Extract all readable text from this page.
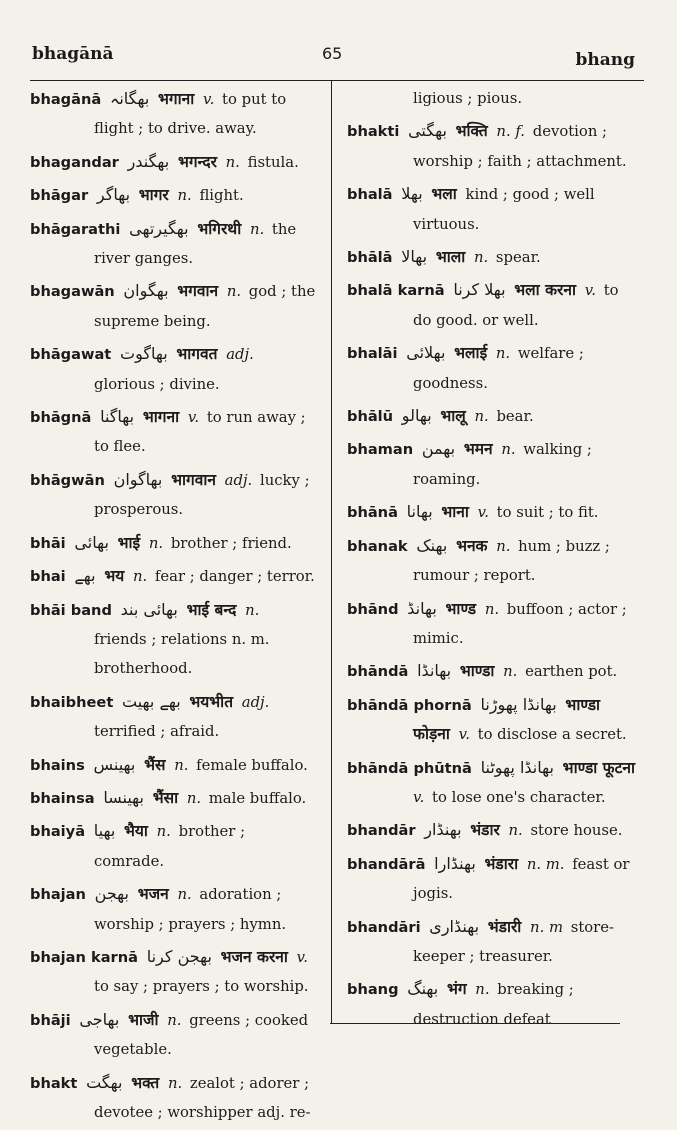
bhagānā	65	bhang

bhagānā بھگانہ भगाना v. to put to flight ; to drive. away.

bhagandar بھگندر भगन्दर n. fistula.

bhāgar بھاگر भागर n. flight.

bhāgarathi بھگیرتھی भगिरथी n. the river ganges.

bhagawān بھگوان भगवान n. god ; the supreme being.

bhāgawat بھاگوت भागवत adj. glorious ; divine.

bhāgnā بھاگنا भागना v. to run away ; to flee.

bhāgwān بھاگوان भागवान adj. lucky ; prosperous.

bhāi بھائی भाई n. brother ; friend.

bhai بھے भय n. fear ; danger ; terror.

bhāi band بھائی بند भाई बन्द n. friends ; relations n. m. brotherhood.

bhaibheet بھے بھیت भयभीत adj. terrified ; afraid.

bhains بھینس भैंस n. female buffalo.

bhainsa بھینسا भैंसा n. male buffalo.

bhaiyā بھیا भैया n. brother ; comrade.

bhajan بھجن भजन n. adoration ; worship ; prayers ; hymn.

bhajan karnā بھجن کرنا भजन करना v. to say ; prayers ; to worship.

bhāji بھاجی भाजी n. greens ; cooked vegetable.

bhakt بھگت भक्त n. zealot ; adorer ; devotee ; worshipper adj. re-

ligious ; pious.

bhakti بھگتی भक्ति n. f. devotion ; worship ; faith ; attachment.

bhalā بھلا भला kind ; good ; well virtuous.

bhālā بھالا भाला n. spear.

bhalā karnā بھلا کرنا भला करना v. to do good. or well.

bhalāi بھلائی भलाई n. welfare ; goodness.

bhālū بھالو भालू n. bear.

bhaman بھمن भमन n. walking ; roaming.

bhānā بھانا भाना v. to suit ; to fit.

bhanak بھنک भनक n. hum ; buzz ; rumour ; report.

bhānd بھانڈ भाण्ड n. buffoon ; actor ; mimic.

bhāndā بھانڈا भाण्डा n. earthen pot.

bhāndā phornā بھانڈا پھوڑنا भाण्डा फोड़ना v. to disclose a secret.

bhāndā phūtnā بھانڈا پھوٹنا भाण्डा फूटना v. to lose one's character.

bhandār بھنڈار भंडार n. store house.

bhandārā بھنڈارا भंडारा n. m. feast or jogis.

bhandāri بھنڈاری भंडारी n. m store-keeper ; treasurer.

bhang بھنگ भंग n. breaking ; destruction defeat
